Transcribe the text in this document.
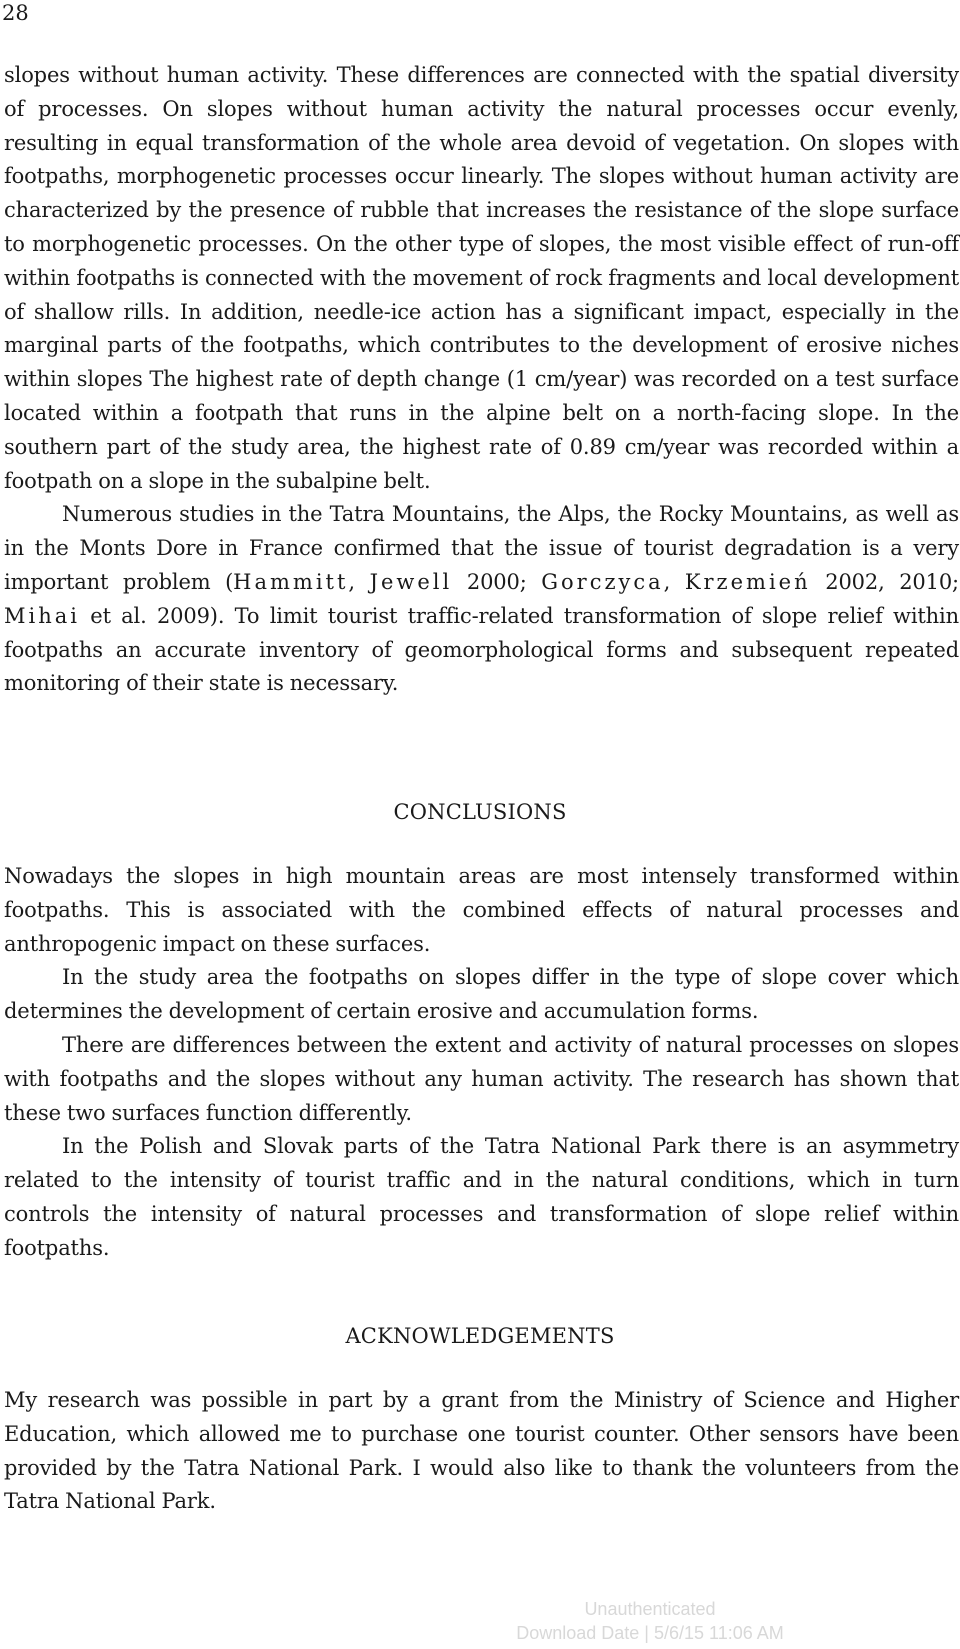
28

slopes without human activity. These differences are connected with the spatial diversity of processes. On slopes without human activity the natural processes occur evenly, resulting in equal transformation of the whole area devoid of vegetation. On slopes with footpaths, morphogenetic processes occur linearly. The slopes without human activity are characterized by the presence of rubble that increases the resistance of the slope surface to morphogenetic processes. On the other type of slopes, the most visible effect of run-off within footpaths is connected with the movement of rock fragments and local development of shallow rills. In addition, needle-ice action has a significant impact, especially in the marginal parts of the footpaths, which contributes to the development of erosive niches within slopes The highest rate of depth change (1 cm/year) was recorded on a test surface located within a footpath that runs in the alpine belt on a north-facing slope. In the southern part of the study area, the highest rate of 0.89 cm/year was recorded within a footpath on a slope in the subalpine belt.

Numerous studies in the Tatra Mountains, the Alps, the Rocky Mountains, as well as in the Monts Dore in France confirmed that the issue of tourist degradation is a very important problem (Hammitt, Jewell 2000; Gorczyca, Krzemień 2002, 2010; Mihai et al. 2009). To limit tourist traffic-related transformation of slope relief within footpaths an accurate inventory of geomorphological forms and subsequent repeated monitoring of their state is necessary.

CONCLUSIONS

Nowadays the slopes in high mountain areas are most intensely transformed within footpaths. This is associated with the combined effects of natural processes and anthropogenic impact on these surfaces.

In the study area the footpaths on slopes differ in the type of slope cover which determines the development of certain erosive and accumulation forms.

There are differences between the extent and activity of natural processes on slopes with footpaths and the slopes without any human activity. The research has shown that these two surfaces function differently.

In the Polish and Slovak parts of the Tatra National Park there is an asymmetry related to the intensity of tourist traffic and in the natural conditions, which in turn controls the intensity of natural processes and transformation of slope relief within footpaths.

ACKNOWLEDGEMENTS

My research was possible in part by a grant from the Ministry of Science and Higher Education, which allowed me to purchase one tourist counter. Other sensors have been provided by the Tatra National Park. I would also like to thank the volunteers from the Tatra National Park.

Unauthenticated
Download Date | 5/6/15 11:06 AM
